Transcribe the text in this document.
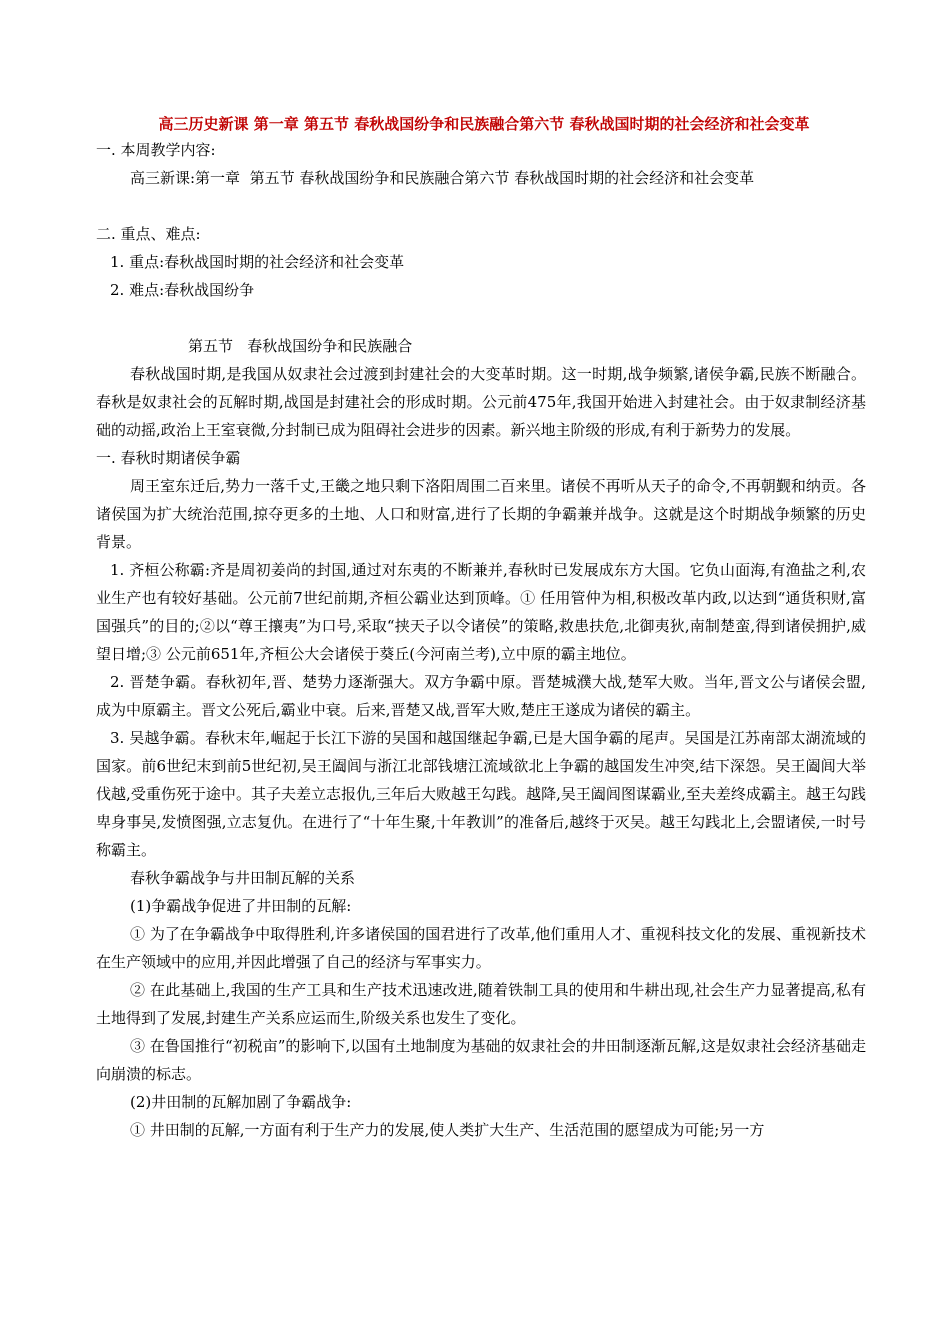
高三历史新课 第一章 第五节 春秋战国纷争和民族融合第六节 春秋战国时期的社会经济和社会变革
一. 本周教学内容:
高三新课:第一章  第五节 春秋战国纷争和民族融合第六节 春秋战国时期的社会经济和社会变革
二. 重点、难点:
1. 重点:春秋战国时期的社会经济和社会变革
2. 难点:春秋战国纷争
第五节   春秋战国纷争和民族融合
春秋战国时期,是我国从奴隶社会过渡到封建社会的大变革时期。这一时期,战争频繁,诸侯争霸,民族不断融合。春秋是奴隶社会的瓦解时期,战国是封建社会的形成时期。公元前475年,我国开始进入封建社会。由于奴隶制经济基础的动摇,政治上王室衰微,分封制已成为阻碍社会进步的因素。新兴地主阶级的形成,有利于新势力的发展。
一. 春秋时期诸侯争霸
周王室东迁后,势力一落千丈,王畿之地只剩下洛阳周围二百来里。诸侯不再听从天子的命令,不再朝觐和纳贡。各诸侯国为扩大统治范围,掠夺更多的土地、人口和财富,进行了长期的争霸兼并战争。这就是这个时期战争频繁的历史背景。
1. 齐桓公称霸:齐是周初姜尚的封国,通过对东夷的不断兼并,春秋时已发展成东方大国。它负山面海,有渔盐之利,农业生产也有较好基础。公元前7世纪前期,齐桓公霸业达到顶峰。① 任用管仲为相,积极改革内政,以达到“通货积财,富国强兵”的目的;②以“尊王攘夷”为口号,采取“挟天子以令诸侯”的策略,救患扶危,北御夷狄,南制楚蛮,得到诸侯拥护,威望日增;③ 公元前651年,齐桓公大会诸侯于葵丘(今河南兰考),立中原的霸主地位。
2. 晋楚争霸。春秋初年,晋、楚势力逐渐强大。双方争霸中原。晋楚城濮大战,楚军大败。当年,晋文公与诸侯会盟,成为中原霸主。晋文公死后,霸业中衰。后来,晋楚又战,晋军大败,楚庄王遂成为诸侯的霸主。
3. 吴越争霸。春秋末年,崛起于长江下游的吴国和越国继起争霸,已是大国争霸的尾声。吴国是江苏南部太湖流域的国家。前6世纪末到前5世纪初,吴王阖闾与浙江北部钱塘江流域欲北上争霸的越国发生冲突,结下深怨。吴王阖闾大举伐越,受重伤死于途中。其子夫差立志报仇,三年后大败越王勾践。越降,吴王阖闾图谋霸业,至夫差终成霸主。越王勾践卑身事吴,发愤图强,立志复仇。在进行了“十年生聚,十年教训”的准备后,越终于灭吴。越王勾践北上,会盟诸侯,一时号称霸主。
春秋争霸战争与井田制瓦解的关系
(1)争霸战争促进了井田制的瓦解:
① 为了在争霸战争中取得胜利,许多诸侯国的国君进行了改革,他们重用人才、重视科技文化的发展、重视新技术在生产领域中的应用,并因此增强了自己的经济与军事实力。
② 在此基础上,我国的生产工具和生产技术迅速改进,随着铁制工具的使用和牛耕出现,社会生产力显著提高,私有土地得到了发展,封建生产关系应运而生,阶级关系也发生了变化。
③ 在鲁国推行“初税亩”的影响下,以国有土地制度为基础的奴隶社会的井田制逐渐瓦解,这是奴隶社会经济基础走向崩溃的标志。
(2)井田制的瓦解加剧了争霸战争:
① 井田制的瓦解,一方面有利于生产力的发展,使人类扩大生产、生活范围的愿望成为可能;另一方
